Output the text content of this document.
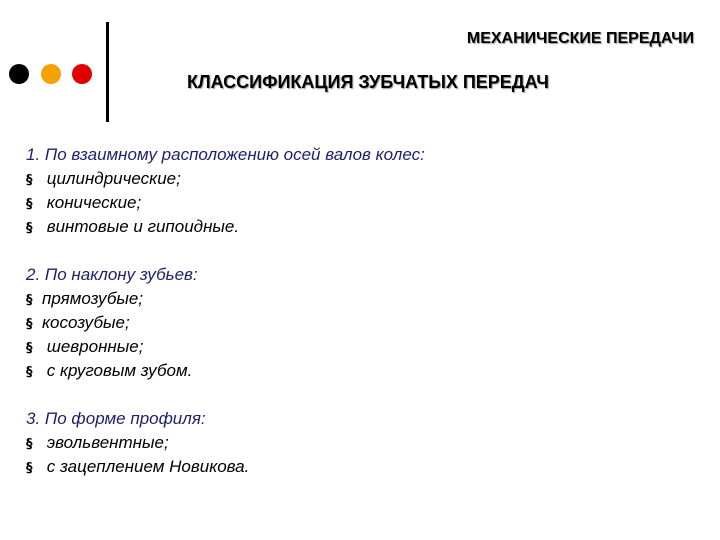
МЕХАНИЧЕСКИЕ ПЕРЕДАЧИ
КЛАССИФИКАЦИЯ ЗУБЧАТЫХ ПЕРЕДАЧ
1. По взаимному расположению осей валов колес:
§ цилиндрические;
§ конические;
§ винтовые и гипоидные.
2. По наклону зубьев:
§ прямозубые;
§ косозубые;
§ шевронные;
§ с круговым зубом.
3. По форме профиля:
§ эвольвентные;
§ с зацеплением Новикова.
